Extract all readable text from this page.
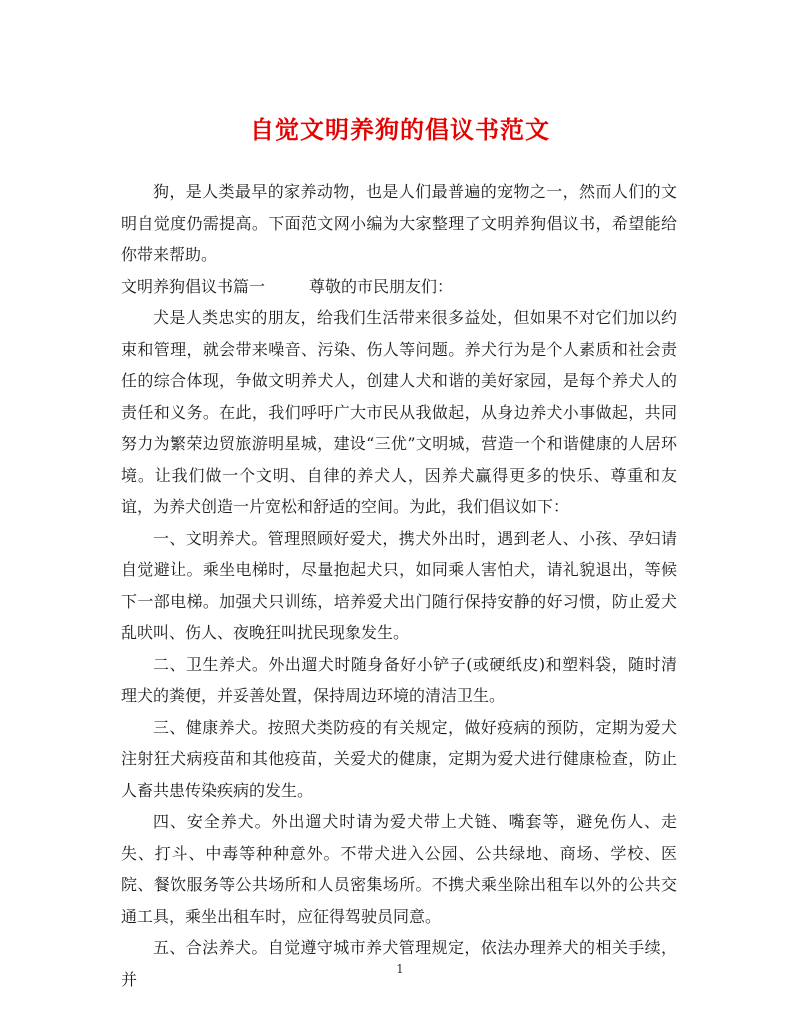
自觉文明养狗的倡议书范文

狗，是人类最早的家养动物，也是人们最普遍的宠物之一，然而人们的文明自觉度仍需提高。下面范文网小编为大家整理了文明养狗倡议书，希望能给你带来帮助。

文明养狗倡议书篇一	尊敬的市民朋友们：

犬是人类忠实的朋友，给我们生活带来很多益处，但如果不对它们加以约束和管理，就会带来噪音、污染、伤人等问题。养犬行为是个人素质和社会责任的综合体现，争做文明养犬人，创建人犬和谐的美好家园，是每个养犬人的责任和义务。在此，我们呼吁广大市民从我做起，从身边养犬小事做起，共同努力为繁荣边贸旅游明星城，建设“三优”文明城，营造一个和谐健康的人居环境。让我们做一个文明、自律的养犬人，因养犬赢得更多的快乐、尊重和友谊，为养犬创造一片宽松和舒适的空间。为此，我们倡议如下：

一、文明养犬。管理照顾好爱犬，携犬外出时，遇到老人、小孩、孕妇请自觉避让。乘坐电梯时，尽量抱起犬只，如同乘人害怕犬，请礼貌退出，等候下一部电梯。加强犬只训练，培养爱犬出门随行保持安静的好习惯，防止爱犬乱吠叫、伤人、夜晚狂叫扰民现象发生。

二、卫生养犬。外出遛犬时随身备好小铲子(或硬纸皮)和塑料袋，随时清理犬的粪便，并妥善处置，保持周边环境的清洁卫生。

三、健康养犬。按照犬类防疫的有关规定，做好疫病的预防，定期为爱犬注射狂犬病疫苗和其他疫苗，关爱犬的健康，定期为爱犬进行健康检查，防止人畜共患传染疾病的发生。

四、安全养犬。外出遛犬时请为爱犬带上犬链、嘴套等，避免伤人、走失、打斗、中毒等种种意外。不带犬进入公园、公共绿地、商场、学校、医院、餐饮服务等公共场所和人员密集场所。不携犬乘坐除出租车以外的公共交通工具，乘坐出租车时，应征得驾驶员同意。

五、合法养犬。自觉遵守城市养犬管理规定，依法办理养犬的相关手续，并

1
